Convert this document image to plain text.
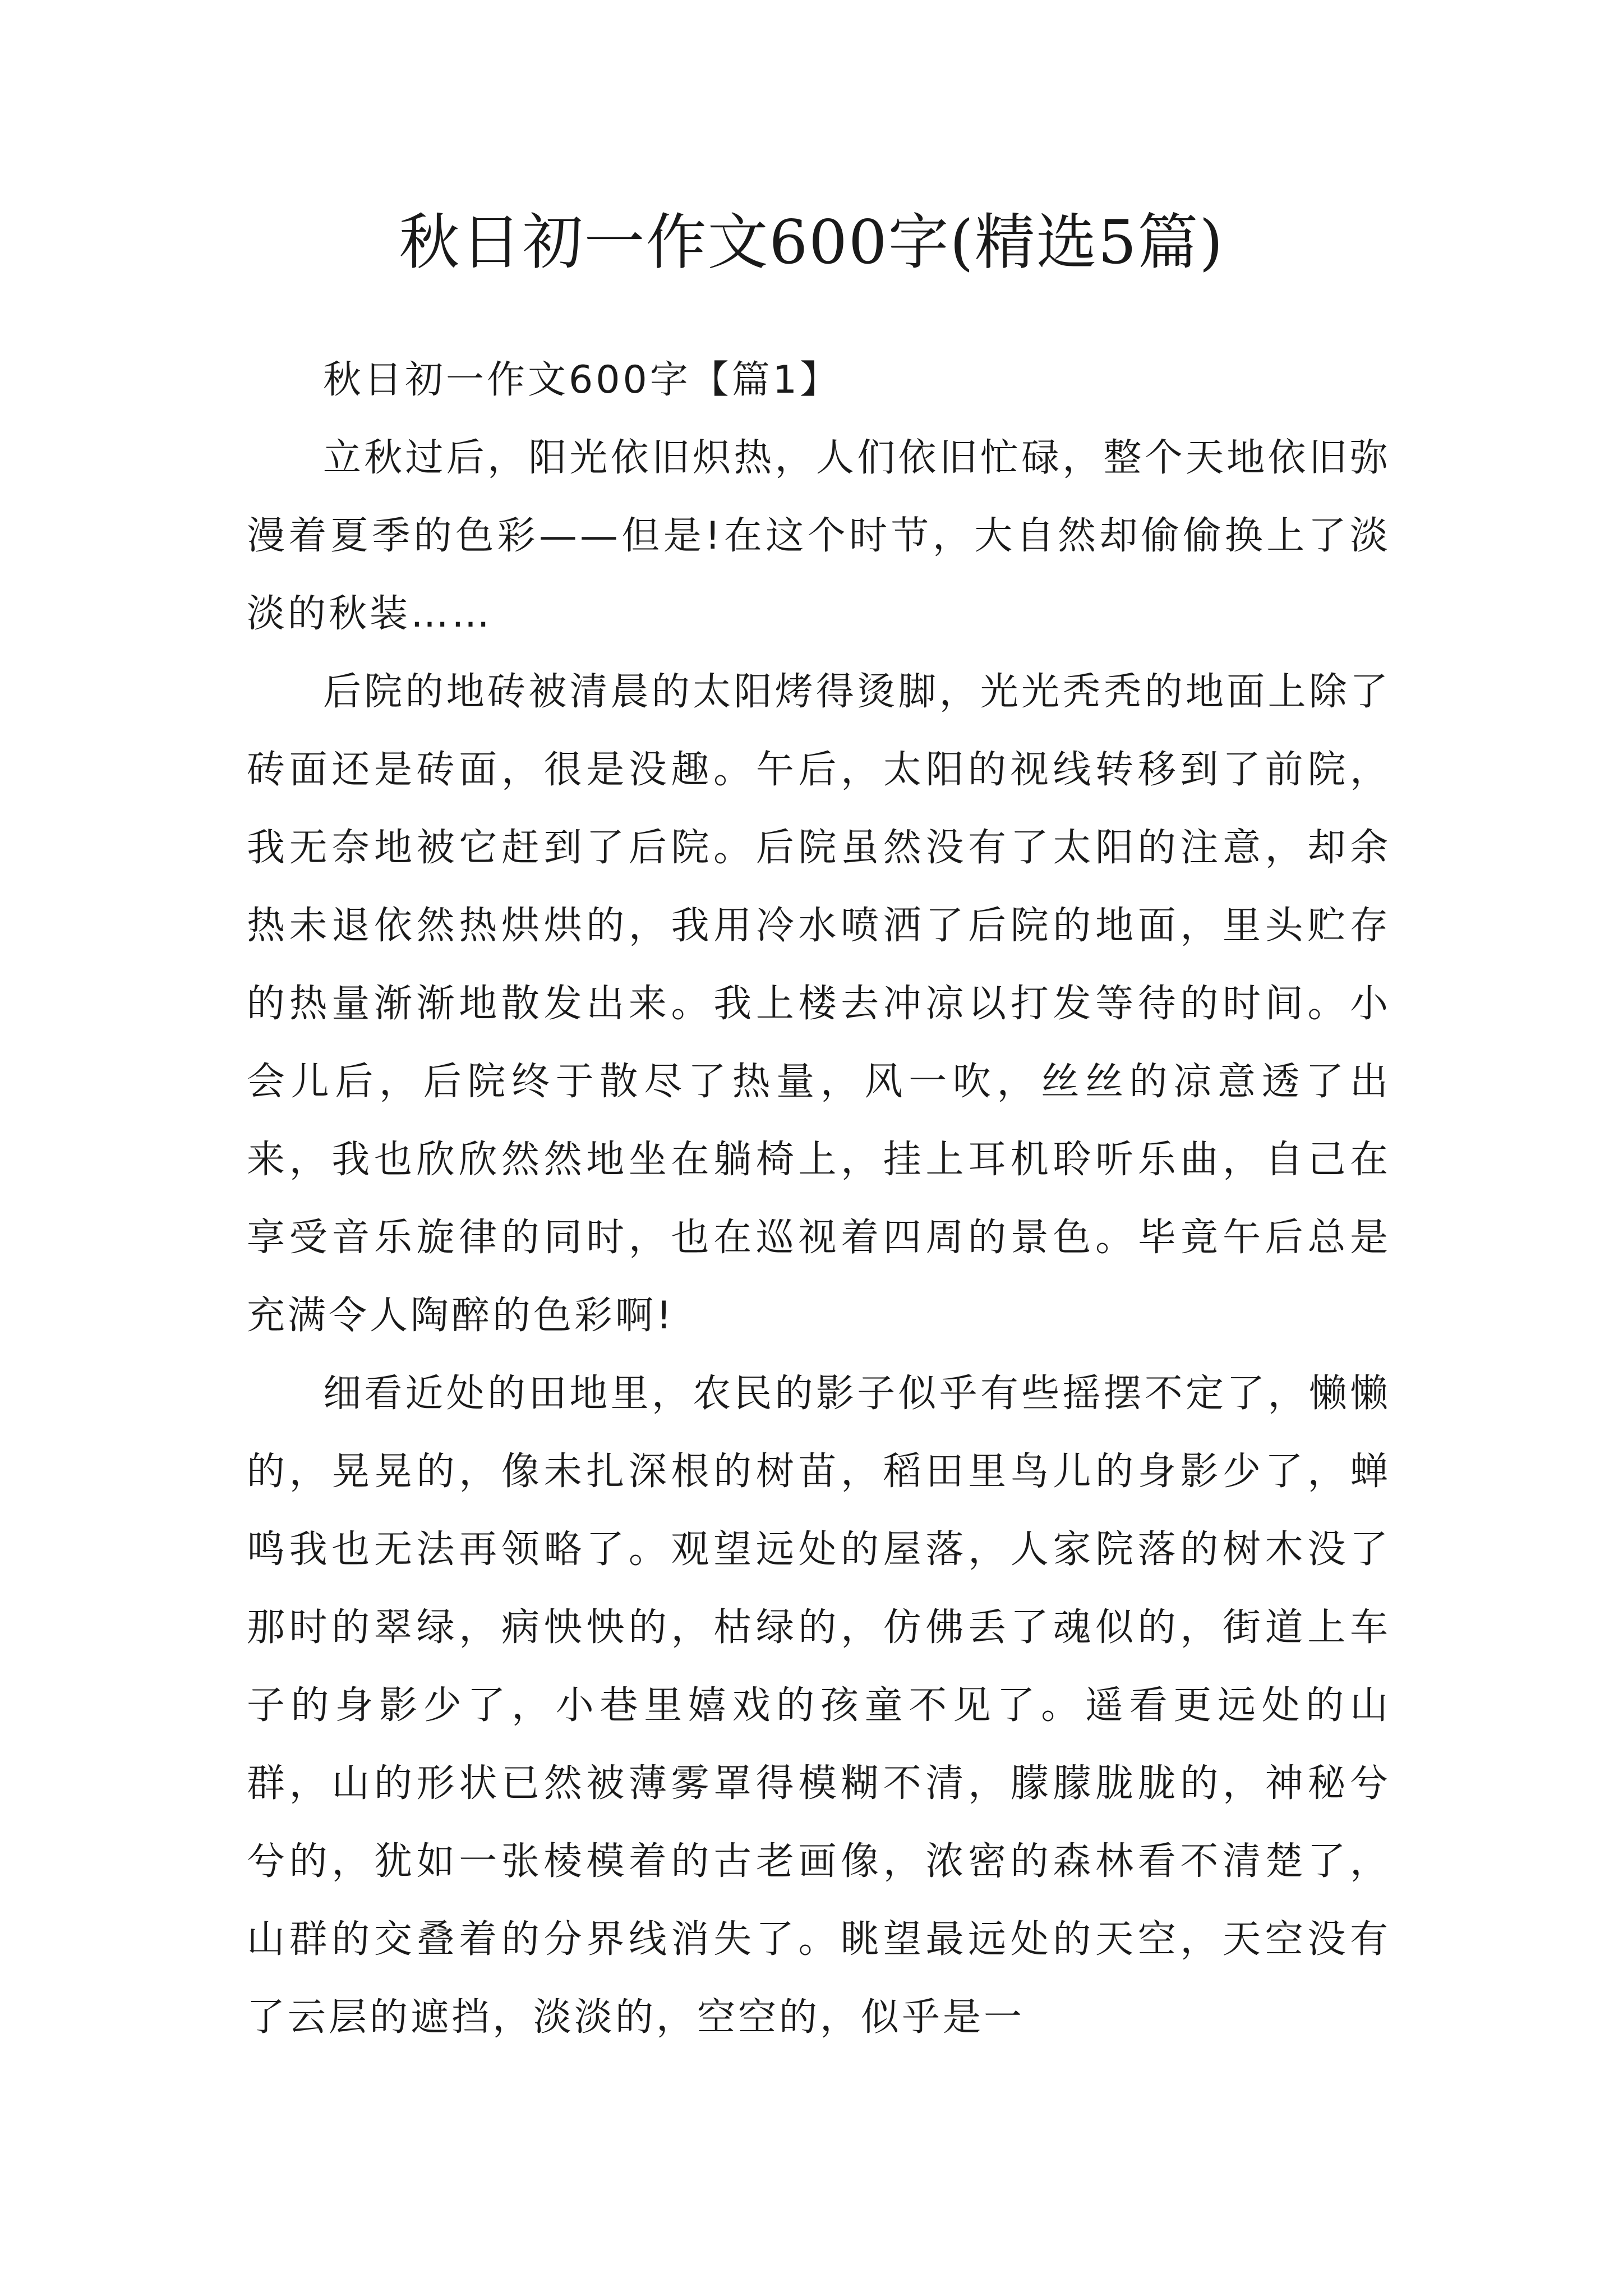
秋日初一作文600字(精选5篇)

秋日初一作文600字【篇1】

立秋过后，阳光依旧炽热，人们依旧忙碌，整个天地依旧弥漫着夏季的色彩——但是!在这个时节，大自然却偷偷换上了淡淡的秋装……

后院的地砖被清晨的太阳烤得烫脚，光光秃秃的地面上除了砖面还是砖面，很是没趣。午后，太阳的视线转移到了前院，我无奈地被它赶到了后院。后院虽然没有了太阳的注意，却余热未退依然热烘烘的，我用冷水喷洒了后院的地面，里头贮存的热量渐渐地散发出来。我上楼去冲凉以打发等待的时间。小会儿后，后院终于散尽了热量，风一吹，丝丝的凉意透了出来，我也欣欣然然地坐在躺椅上，挂上耳机聆听乐曲，自己在享受音乐旋律的同时，也在巡视着四周的景色。毕竟午后总是充满令人陶醉的色彩啊!

细看近处的田地里，农民的影子似乎有些摇摆不定了，懒懒的，晃晃的，像未扎深根的树苗，稻田里鸟儿的身影少了，蝉鸣我也无法再领略了。观望远处的屋落，人家院落的树木没了那时的翠绿，病怏怏的，枯绿的，仿佛丢了魂似的，街道上车子的身影少了，小巷里嬉戏的孩童不见了。遥看更远处的山群，山的形状已然被薄雾罩得模糊不清，朦朦胧胧的，神秘兮兮的，犹如一张棱模着的古老画像，浓密的森林看不清楚了，山群的交叠着的分界线消失了。眺望最远处的天空，天空没有了云层的遮挡，淡淡的，空空的，似乎是一
